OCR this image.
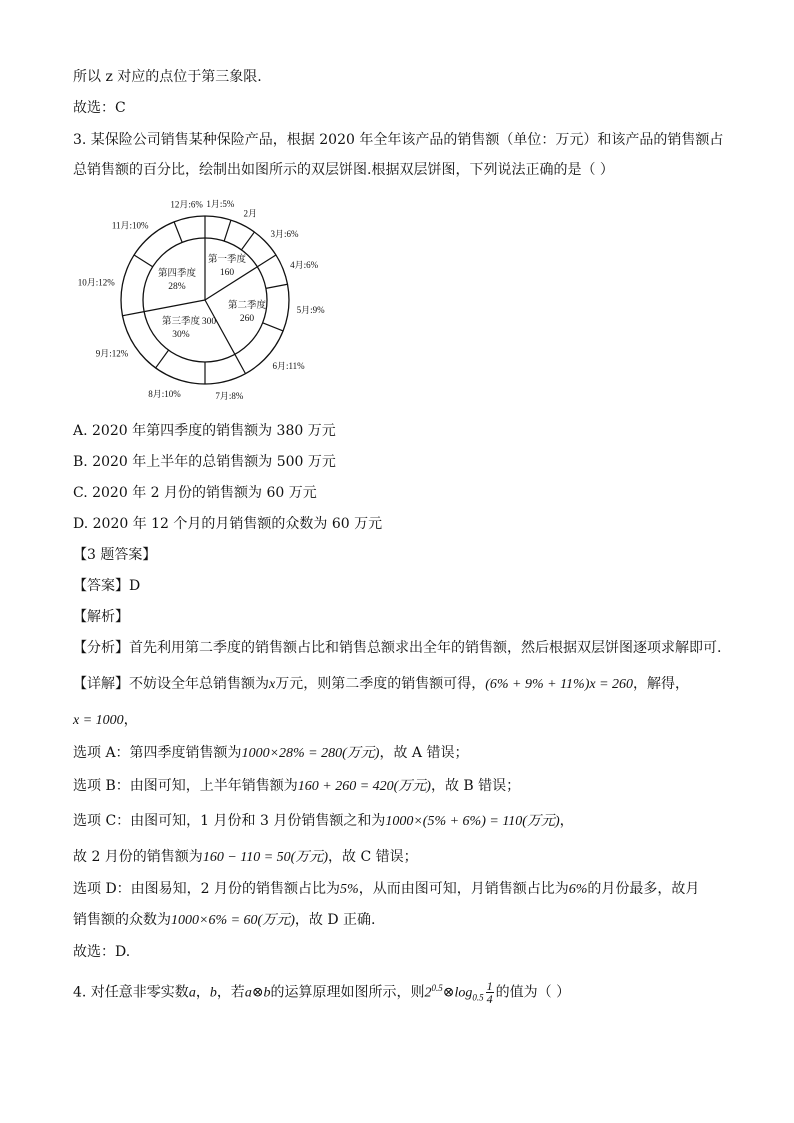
所以 z 对应的点位于第三象限.
故选：C
3. 某保险公司销售某种保险产品，根据 2020 年全年该产品的销售额（单位：万元）和该产品的销售额占
总销售额的百分比，绘制出如图所示的双层饼图.根据双层饼图，下列说法正确的是（ ）
1月:5%
2月
3月:6%
4月:6%
5月:9%
6月:11%
7月:8%
8月:10%
9月:12%
10月:12%
11月:10%
12月:6%
第一季度
160
第二季度
260
第三季度
30%
300
第四季度
28%
A. 2020 年第四季度的销售额为 380 万元
B. 2020 年上半年的总销售额为 500 万元
C. 2020 年 2 月份的销售额为 60 万元
D. 2020 年 12 个月的月销售额的众数为 60 万元
【3 题答案】
【答案】D
【解析】
【分析】首先利用第二季度的销售额占比和销售总额求出全年的销售额，然后根据双层饼图逐项求解即可.
【详解】不妨设全年总销售额为x万元，则第二季度的销售额可得，(6% + 9% + 11%)x = 260，解得，
x = 1000，
选项 A：第四季度销售额为1000×28% = 280(万元)，故 A 错误；
选项 B：由图可知，上半年销售额为160 + 260 = 420(万元)，故 B 错误；
选项 C：由图可知，1 月份和 3 月份销售额之和为1000×(5% + 6%) = 110(万元)，
故 2 月份的销售额为160 − 110 = 50(万元)，故 C 错误；
选项 D：由图易知，2 月份的销售额占比为5%，从而由图可知，月销售额占比为6%的月份最多，故月
销售额的众数为1000×6% = 60(万元)，故 D 正确.
故选：D.
4. 对任意非零实数a，b，若a⊗b的运算原理如图所示，则$2^{0.5}\otimes\log_{0.5} \frac{1}{4}$ 的值为（ ）
